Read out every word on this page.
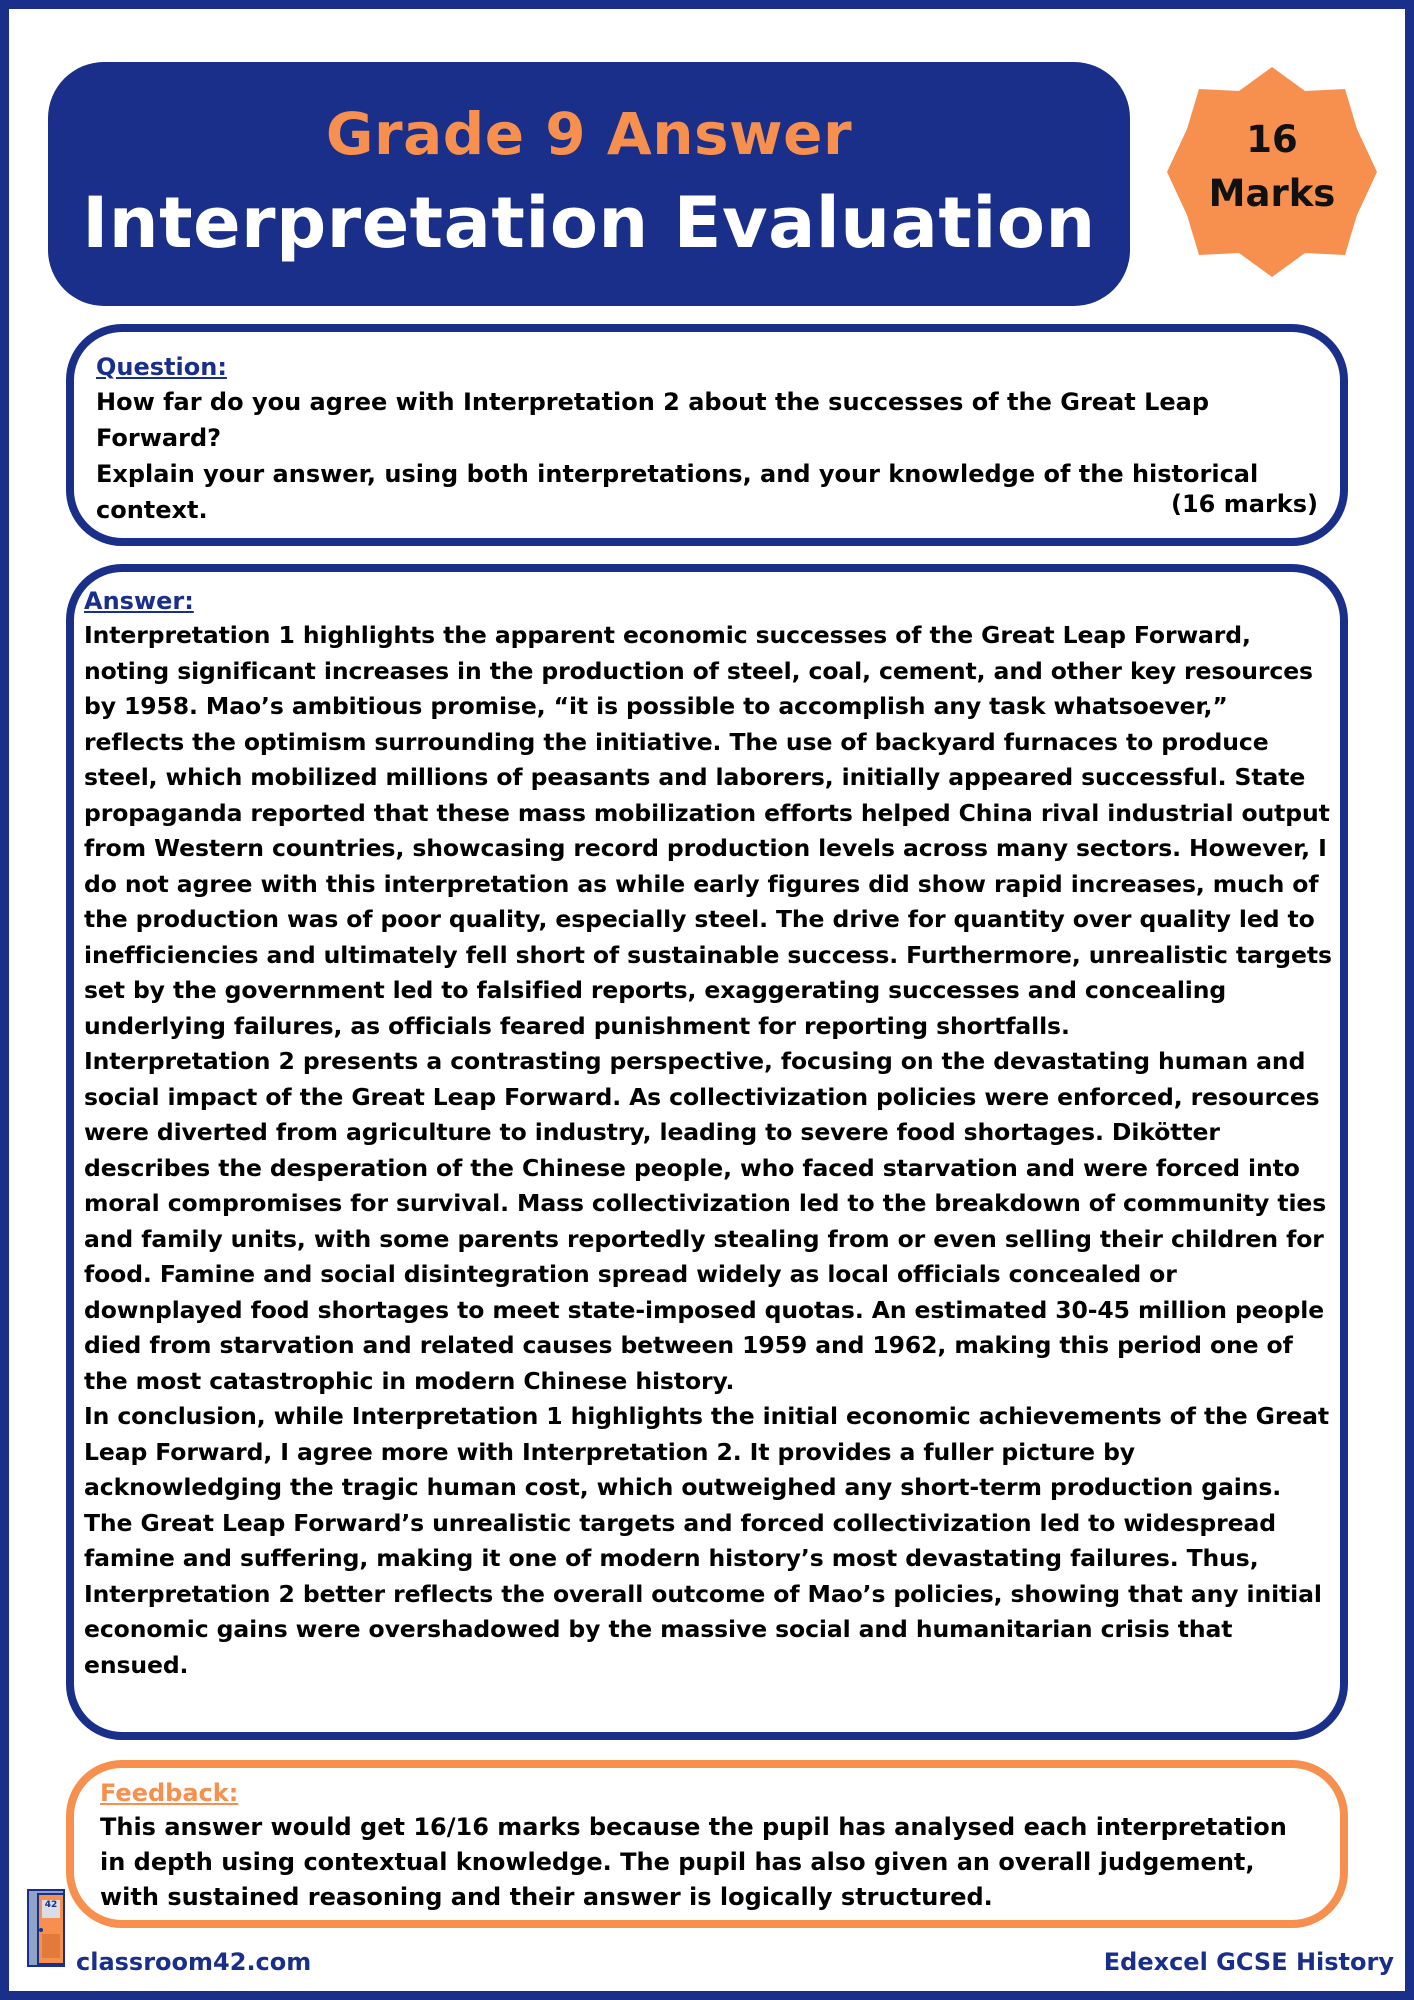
Grade 9 Answer
Interpretation Evaluation
16
Marks
Question:
How far do you agree with Interpretation 2 about the successes of the Great Leap Forward?
Explain your answer, using both interpretations, and your knowledge of the historical context.	(16 marks)
Answer:
Interpretation 1 highlights the apparent economic successes of the Great Leap Forward, noting significant increases in the production of steel, coal, cement, and other key resources by 1958. Mao’s ambitious promise, “it is possible to accomplish any task whatsoever,” reflects the optimism surrounding the initiative. The use of backyard furnaces to produce steel, which mobilized millions of peasants and laborers, initially appeared successful. State propaganda reported that these mass mobilization efforts helped China rival industrial output from Western countries, showcasing record production levels across many sectors. However, I do not agree with this interpretation as while early figures did show rapid increases, much of the production was of poor quality, especially steel. The drive for quantity over quality led to inefficiencies and ultimately fell short of sustainable success. Furthermore, unrealistic targets set by the government led to falsified reports, exaggerating successes and concealing underlying failures, as officials feared punishment for reporting shortfalls.
Interpretation 2 presents a contrasting perspective, focusing on the devastating human and social impact of the Great Leap Forward. As collectivization policies were enforced, resources were diverted from agriculture to industry, leading to severe food shortages. Dikötter describes the desperation of the Chinese people, who faced starvation and were forced into moral compromises for survival. Mass collectivization led to the breakdown of community ties and family units, with some parents reportedly stealing from or even selling their children for food. Famine and social disintegration spread widely as local officials concealed or downplayed food shortages to meet state-imposed quotas. An estimated 30-45 million people died from starvation and related causes between 1959 and 1962, making this period one of the most catastrophic in modern Chinese history.
In conclusion, while Interpretation 1 highlights the initial economic achievements of the Great Leap Forward, I agree more with Interpretation 2. It provides a fuller picture by acknowledging the tragic human cost, which outweighed any short-term production gains. The Great Leap Forward’s unrealistic targets and forced collectivization led to widespread famine and suffering, making it one of modern history’s most devastating failures. Thus, Interpretation 2 better reflects the overall outcome of Mao’s policies, showing that any initial economic gains were overshadowed by the massive social and humanitarian crisis that ensued.
Feedback:
This answer would get 16/16 marks because the pupil has analysed each interpretation in depth using contextual knowledge. The pupil has also given an overall judgement, with sustained reasoning and their answer is logically structured.
42
classroom42.com	Edexcel GCSE History
